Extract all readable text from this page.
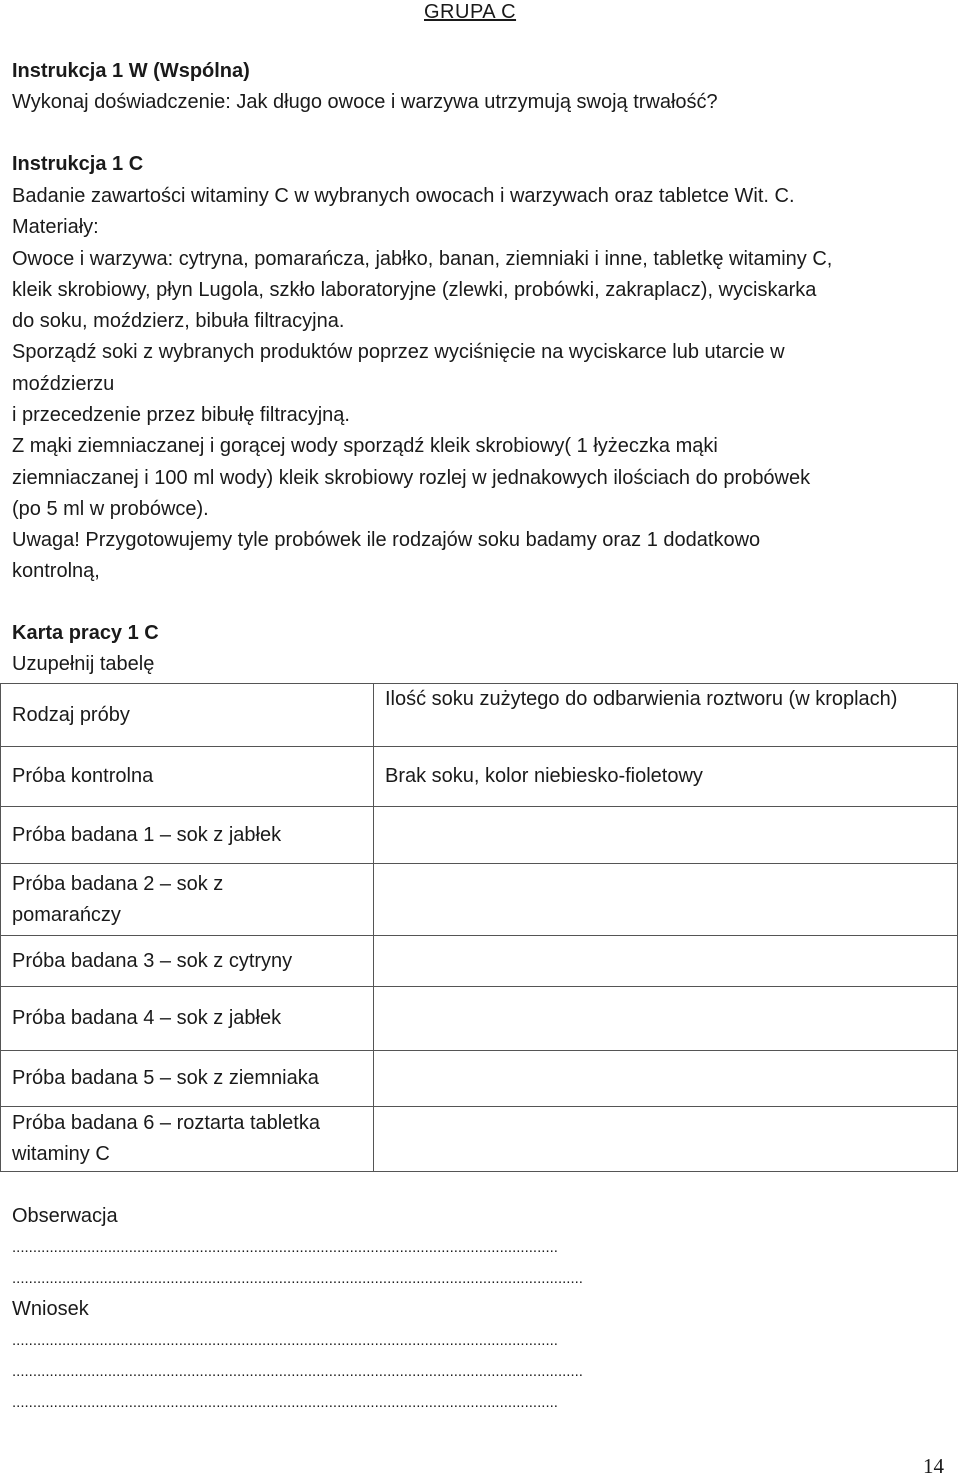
GRUPA C
Instrukcja 1 W (Wspólna)
Wykonaj doświadczenie: Jak długo owoce i warzywa utrzymują swoją trwałość?
Instrukcja 1 C
Badanie zawartości witaminy C w wybranych owocach i warzywach oraz tabletce Wit. C.
Materiały:
Owoce i warzywa: cytryna, pomarańcza, jabłko, banan, ziemniaki i inne, tabletkę witaminy C,
kleik skrobiowy, płyn Lugola, szkło laboratoryjne (zlewki, probówki, zakraplacz), wyciskarka
do soku, moździerz, bibuła filtracyjna.
Sporządź soki z wybranych produktów poprzez wyciśnięcie na wyciskarce lub utarcie w
moździerzu
i przecedzenie przez bibułę filtracyjną.
Z mąki ziemniaczanej i gorącej wody sporządź kleik skrobiowy( 1 łyżeczka mąki
ziemniaczanej i 100 ml wody) kleik skrobiowy rozlej w jednakowych ilościach do probówek
(po 5 ml w probówce).
Uwaga! Przygotowujemy tyle probówek ile rodzajów soku badamy oraz 1 dodatkowo
kontrolną,
Karta pracy 1 C
Uzupełnij tabelę
Rodzaj próby	Ilość soku zużytego do odbarwienia roztworu (w kroplach)
Próba kontrolna	Brak soku, kolor niebiesko-fioletowy
Próba badana 1 – sok z jabłek	
Próba badana 2 – sok z pomarańczy	
Próba badana 3 – sok z cytryny	
Próba badana 4 – sok z jabłek	
Próba badana 5 – sok z ziemniaka	
Próba badana 6 – roztarta tabletka witaminy C	
Obserwacja
...................................................................................................................................
.........................................................................................................................................
Wniosek
...................................................................................................................................
.........................................................................................................................................
...................................................................................................................................
14
